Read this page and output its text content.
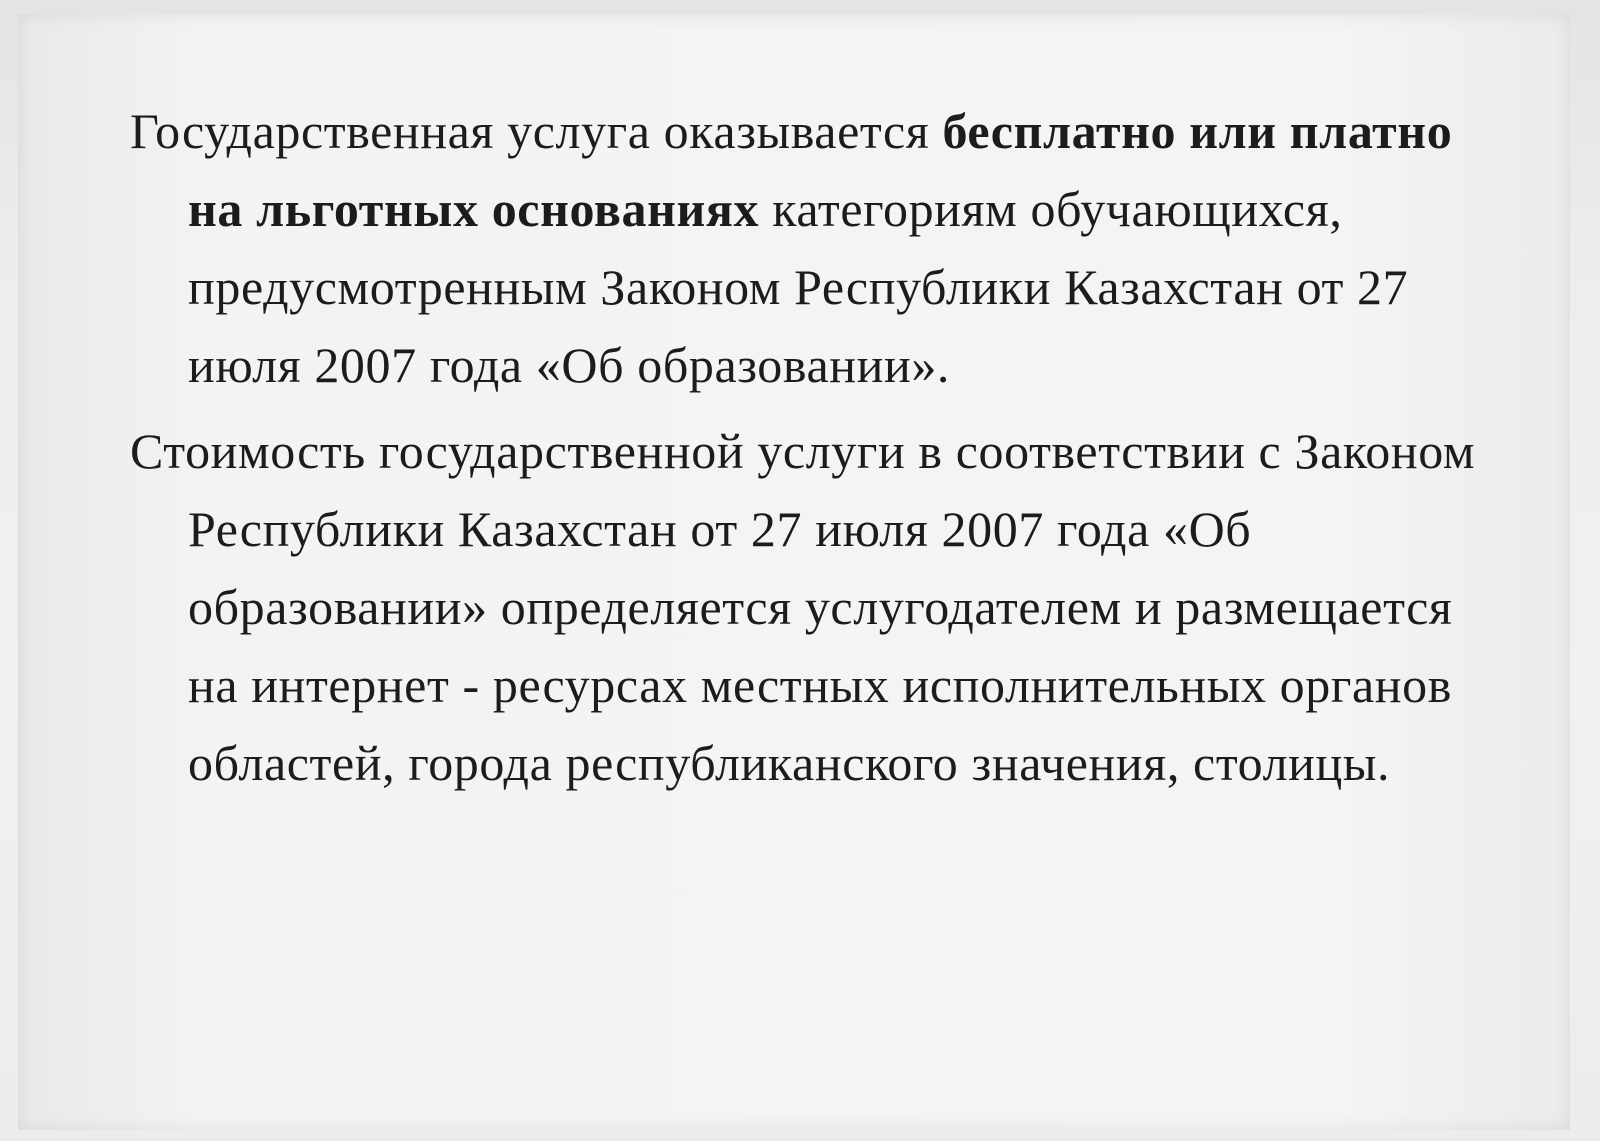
Государственная услуга оказывается бесплатно или платно на льготных основаниях категориям обучающихся, предусмотренным Законом Республики Казахстан от 27 июля 2007 года «Об образовании».

Стоимость государственной услуги в соответствии с Законом Республики Казахстан от 27 июля 2007 года «Об образовании» определяется услугодателем и размещается на интернет - ресурсах местных исполнительных органов областей, города республиканского значения, столицы.
